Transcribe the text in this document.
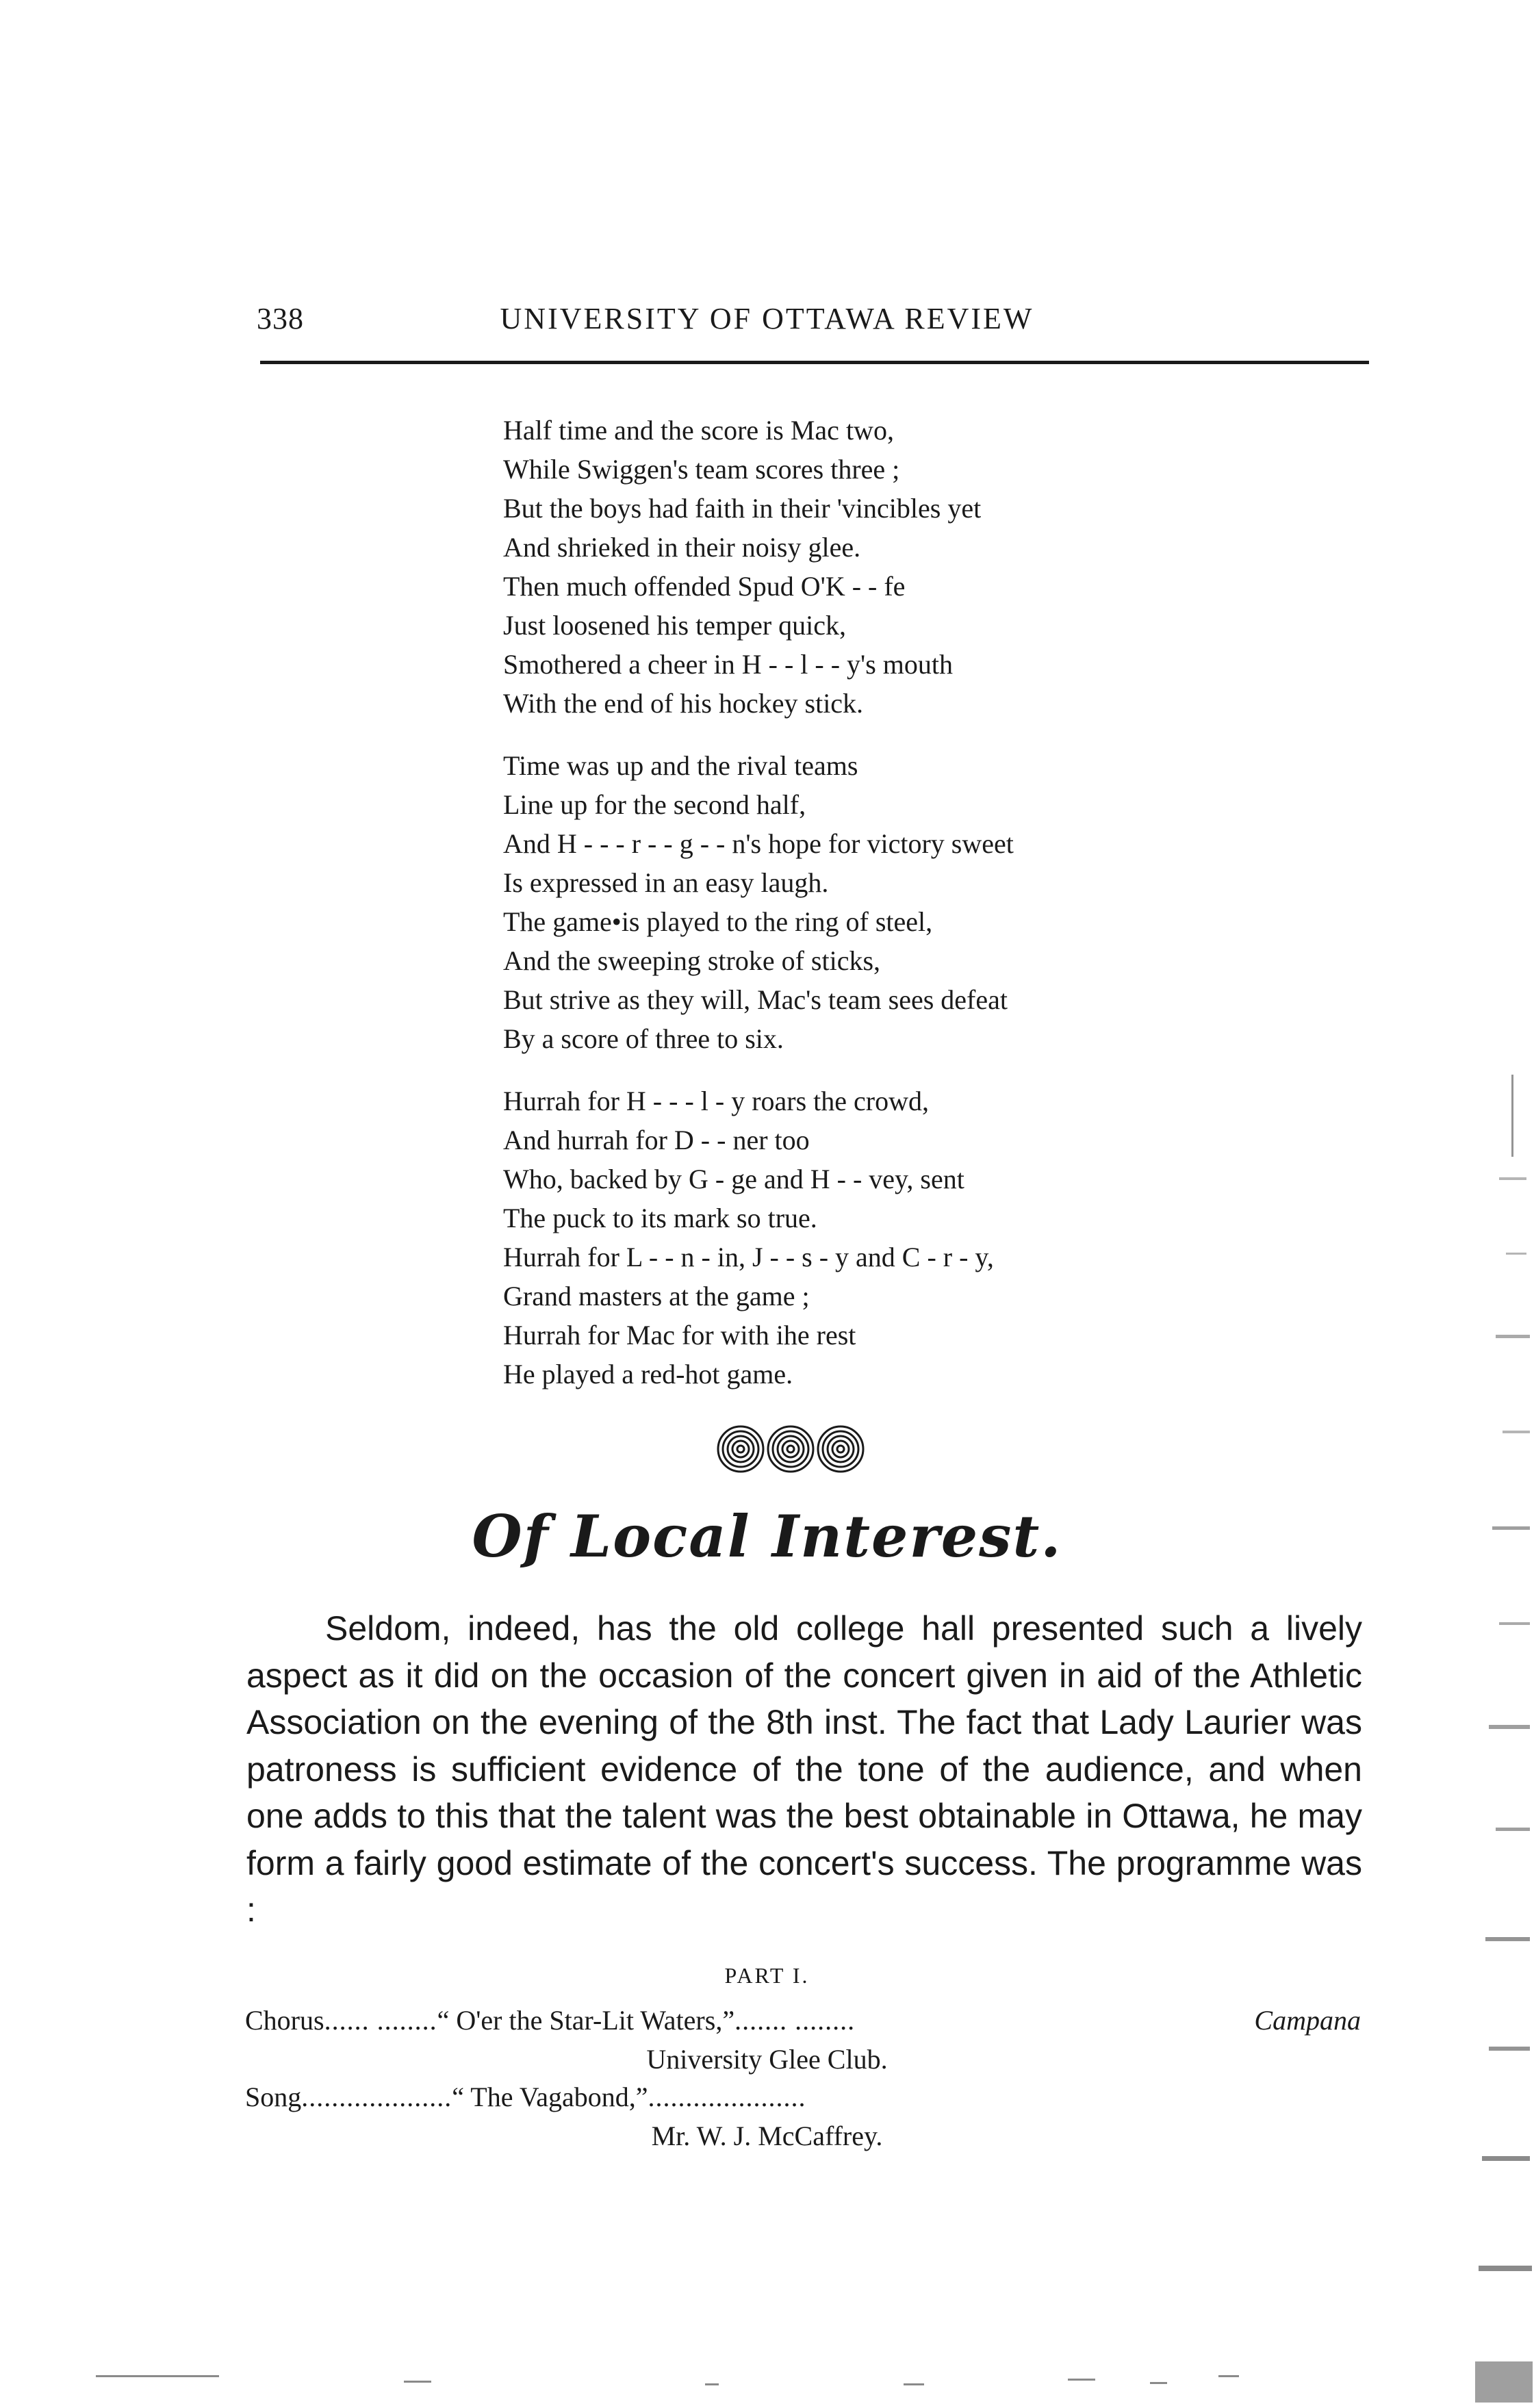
338	UNIVERSITY OF OTTAWA REVIEW
Half time and the score is Mac two,
While Swiggen's team scores three ;
But the boys had faith in their 'vincibles yet
And shrieked in their noisy glee.
Then much offended Spud O'K - - fe
Just loosened his temper quick,
Smothered a cheer in H - - l - - y's mouth
With the end of his hockey stick.
Time was up and the rival teams
Line up for the second half,
And H - - - r - - g - - n's hope for victory sweet
Is expressed in an easy laugh.
The game•is played to the ring of steel,
And the sweeping stroke of sticks,
But strive as they will, Mac's team sees defeat
By a score of three to six.
Hurrah for H - - - l - y roars the crowd,
And hurrah for D - - ner too
Who, backed by G - ge and H - - vey, sent
The puck to its mark so true.
Hurrah for L - - n - in, J - - s - y and C - r - y,
Grand masters at the game ;
Hurrah for Mac for with ihe rest
He played a red-hot game.
Of Local Interest.
Seldom, indeed, has the old college hall presented such a lively aspect as it did on the occasion of the concert given in aid of the Athletic Association on the evening of the 8th inst. The fact that Lady Laurier was patroness is sufficient evidence of the tone of the audience, and when one adds to this that the talent was the best obtainable in Ottawa, he may form a fairly good estimate of the concert's success. The programme was :
PART I.
Chorus...... ........“ O'er the Star-Lit Waters,”....... ........	Campana
University Glee Club.
Song....................“ The Vagabond,”.....................
Mr. W. J. McCaffrey.
